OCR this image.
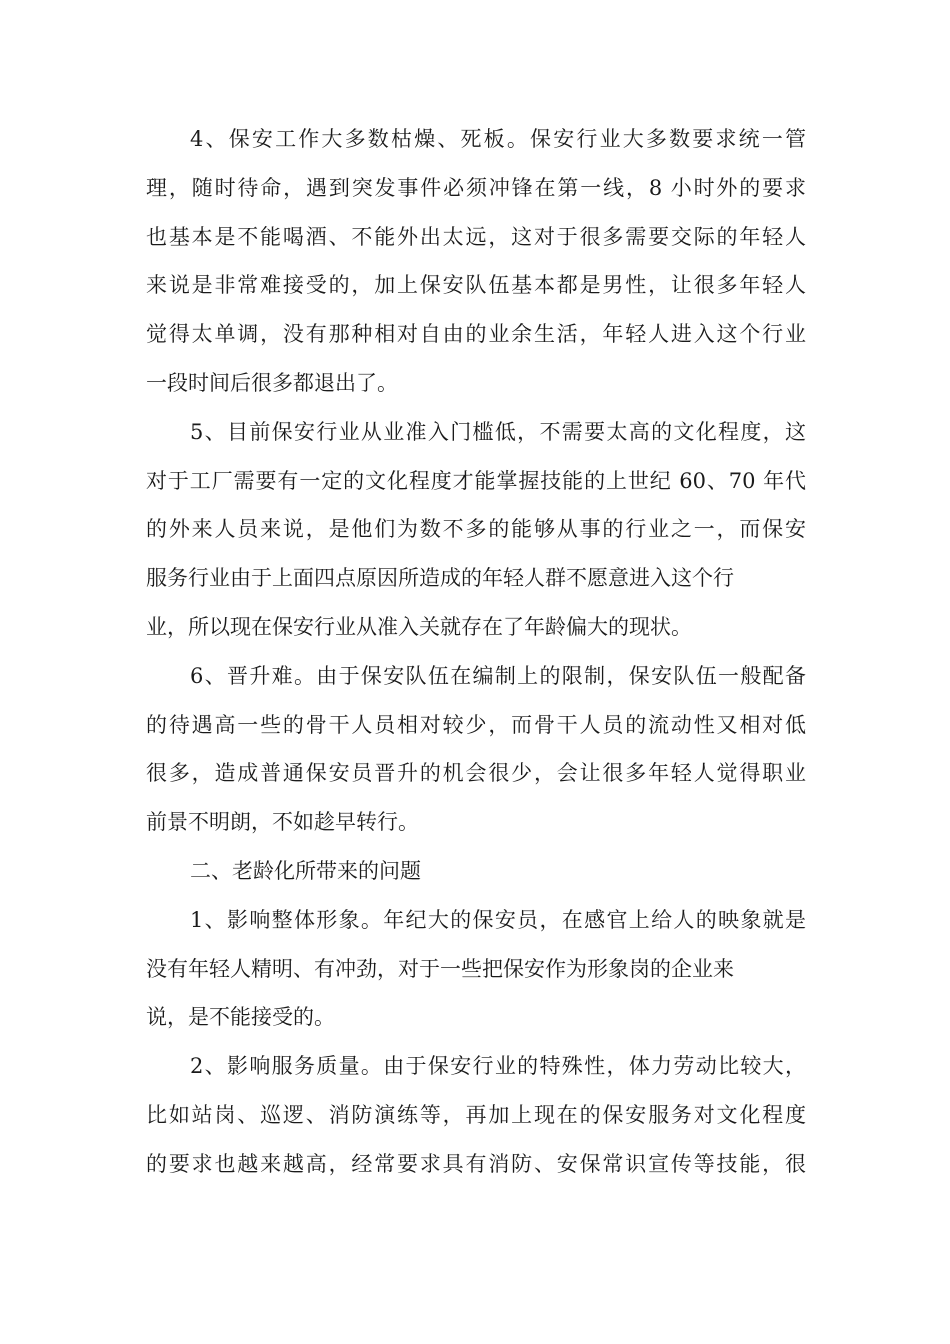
4、保安工作大多数枯燥、死板。保安行业大多数要求统一管
理，随时待命，遇到突发事件必须冲锋在第一线，8 小时外的要求
也基本是不能喝酒、不能外出太远，这对于很多需要交际的年轻人
来说是非常难接受的，加上保安队伍基本都是男性，让很多年轻人
觉得太单调，没有那种相对自由的业余生活，年轻人进入这个行业
一段时间后很多都退出了。
5、目前保安行业从业准入门槛低，不需要太高的文化程度，这
对于工厂需要有一定的文化程度才能掌握技能的上世纪 60、70 年代
的外来人员来说，是他们为数不多的能够从事的行业之一，而保安
服务行业由于上面四点原因所造成的年轻人群不愿意进入这个行
业，所以现在保安行业从准入关就存在了年龄偏大的现状。
6、晋升难。由于保安队伍在编制上的限制，保安队伍一般配备
的待遇高一些的骨干人员相对较少，而骨干人员的流动性又相对低
很多，造成普通保安员晋升的机会很少，会让很多年轻人觉得职业
前景不明朗，不如趁早转行。
二、老龄化所带来的问题
1、影响整体形象。年纪大的保安员，在感官上给人的映象就是
没有年轻人精明、有冲劲，对于一些把保安作为形象岗的企业来
说，是不能接受的。
2、影响服务质量。由于保安行业的特殊性，体力劳动比较大，
比如站岗、巡逻、消防演练等，再加上现在的保安服务对文化程度
的要求也越来越高，经常要求具有消防、安保常识宣传等技能，很
